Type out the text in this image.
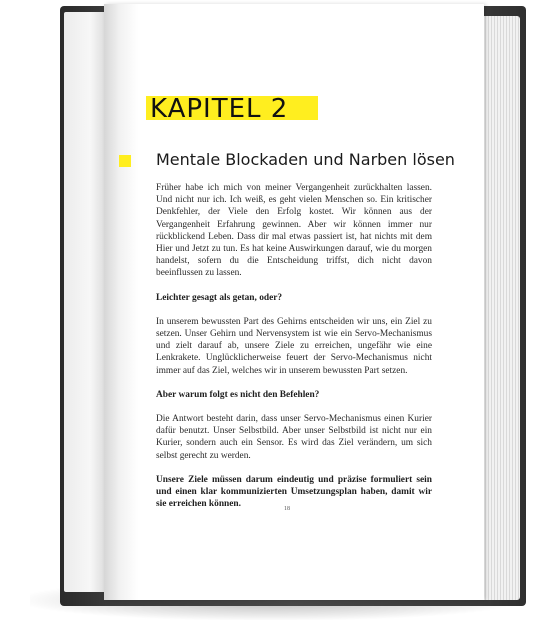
KAPITEL 2
Mentale Blockaden und Narben lösen

Früher habe ich mich von meiner Vergangenheit zurückhalten lassen. Und nicht nur ich. Ich weiß, es geht vielen Menschen so. Ein kritischer Denkfehler, der Viele den Erfolg kostet. Wir können aus der Vergangenheit Erfahrung gewinnen. Aber wir können immer nur rückblickend Leben. Dass dir mal etwas passiert ist, hat nichts mit dem Hier und Jetzt zu tun. Es hat keine Auswirkungen darauf, wie du morgen handelst, sofern du die Entscheidung triffst, dich nicht davon beeinflussen zu lassen.

Leichter gesagt als getan, oder?

In unserem bewussten Part des Gehirns entscheiden wir uns, ein Ziel zu setzen. Unser Gehirn und Nervensystem ist wie ein Servo-Mechanismus und zielt darauf ab, unsere Ziele zu erreichen, ungefähr wie eine Lenkrakete. Unglücklicherweise feuert der Servo-Mechanismus nicht immer auf das Ziel, welches wir in unserem bewussten Part setzen.

Aber warum folgt es nicht den Befehlen?

Die Antwort besteht darin, dass unser Servo-Mechanismus einen Kurier dafür benutzt. Unser Selbstbild. Aber unser Selbstbild ist nicht nur ein Kurier, sondern auch ein Sensor. Es wird das Ziel verändern, um sich selbst gerecht zu werden.

Unsere Ziele müssen darum eindeutig und präzise formuliert sein und einen klar kommunizierten Umsetzungsplan haben, damit wir sie erreichen können.	18
